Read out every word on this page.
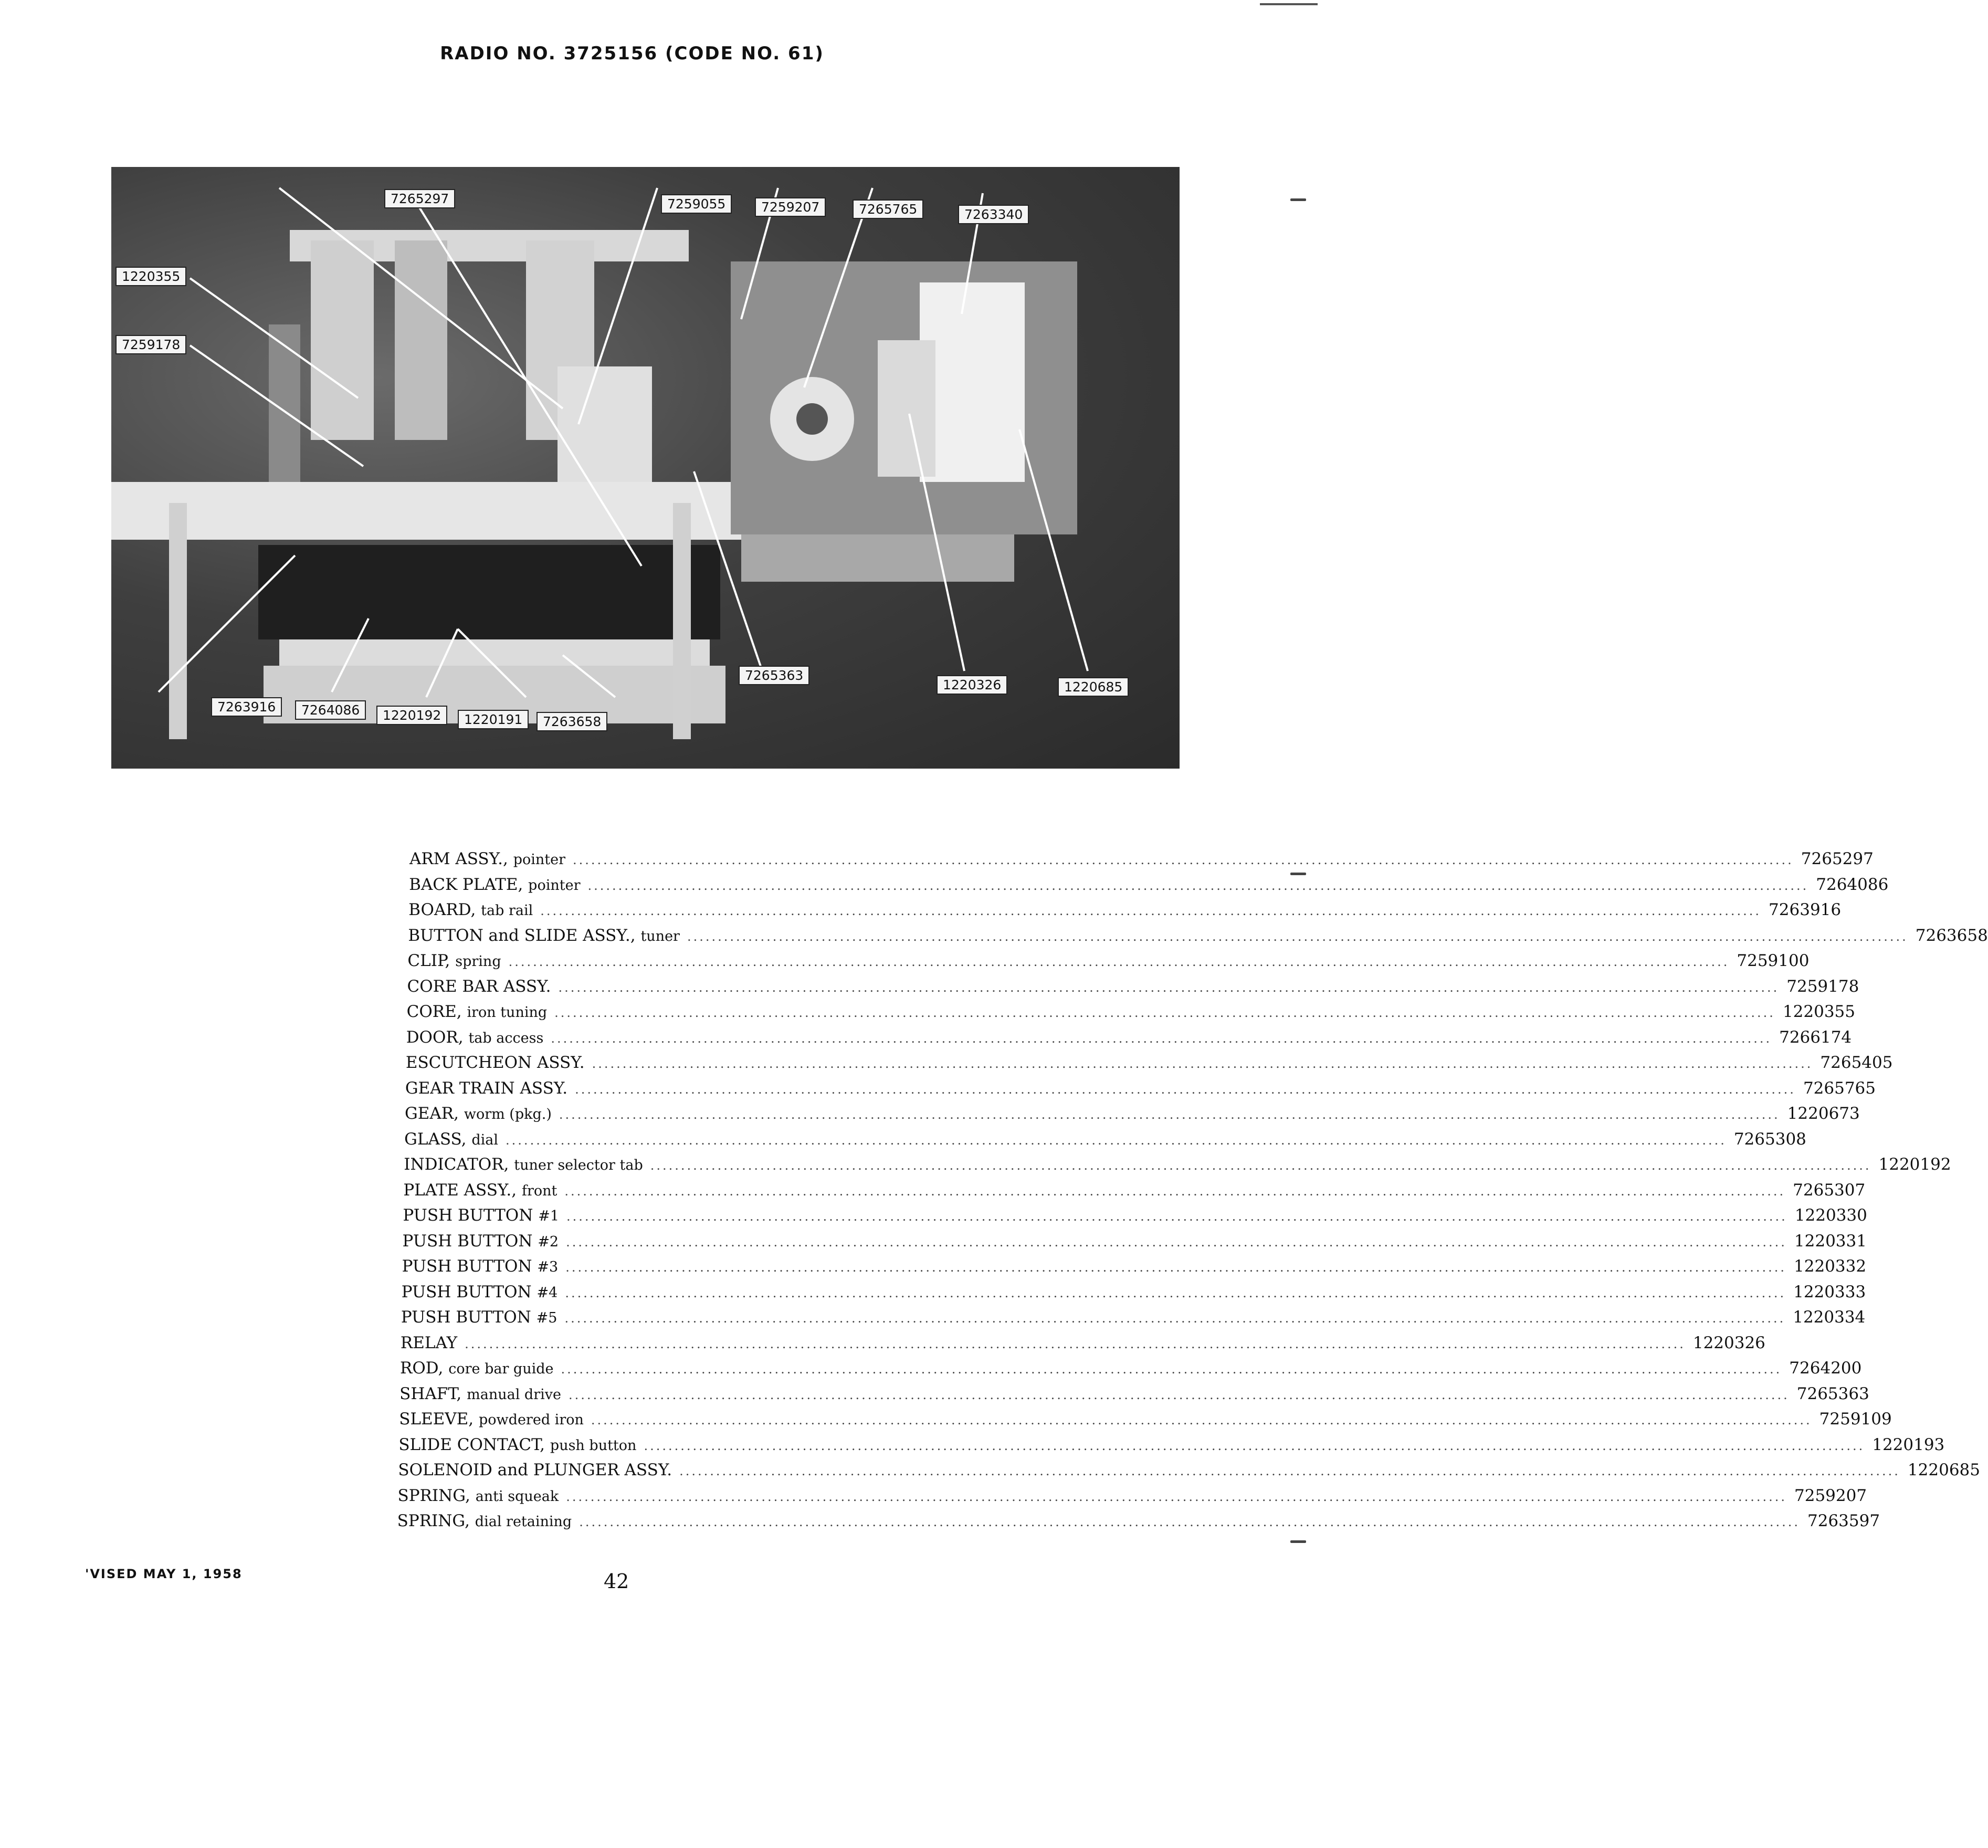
RADIO NO. 3725156 (CODE NO. 61)
7265297	7259055	7259207	7265765	7263340
1220355
7259178
7265363
1220326	1220685
7263916	7264086	1220192	1220191	7263658
ARM ASSY., pointer ........................................................................................................................................................................................................ 7265297
BACK PLATE, pointer ........................................................................................................................................................................................................ 7264086
BOARD, tab rail ........................................................................................................................................................................................................ 7263916
BUTTON and SLIDE ASSY., tuner ........................................................................................................................................................................................................ 7263658
CLIP, spring ........................................................................................................................................................................................................ 7259100
CORE BAR ASSY. ........................................................................................................................................................................................................ 7259178
CORE, iron tuning ........................................................................................................................................................................................................ 1220355
DOOR, tab access ........................................................................................................................................................................................................ 7266174
ESCUTCHEON ASSY. ........................................................................................................................................................................................................ 7265405
GEAR TRAIN ASSY. ........................................................................................................................................................................................................ 7265765
GEAR, worm (pkg.) ........................................................................................................................................................................................................ 1220673
GLASS, dial ........................................................................................................................................................................................................ 7265308
INDICATOR, tuner selector tab ........................................................................................................................................................................................................ 1220192
PLATE ASSY., front ........................................................................................................................................................................................................ 7265307
PUSH BUTTON #1 ........................................................................................................................................................................................................ 1220330
PUSH BUTTON #2 ........................................................................................................................................................................................................ 1220331
PUSH BUTTON #3 ........................................................................................................................................................................................................ 1220332
PUSH BUTTON #4 ........................................................................................................................................................................................................ 1220333
PUSH BUTTON #5 ........................................................................................................................................................................................................ 1220334
RELAY ........................................................................................................................................................................................................ 1220326
ROD, core bar guide ........................................................................................................................................................................................................ 7264200
SHAFT, manual drive ........................................................................................................................................................................................................ 7265363
SLEEVE, powdered iron ........................................................................................................................................................................................................ 7259109
SLIDE CONTACT, push button ........................................................................................................................................................................................................ 1220193
SOLENOID and PLUNGER ASSY. ........................................................................................................................................................................................................ 1220685
SPRING, anti squeak ........................................................................................................................................................................................................ 7259207
SPRING, dial retaining ........................................................................................................................................................................................................ 7263597
'VISED MAY 1, 1958	42
